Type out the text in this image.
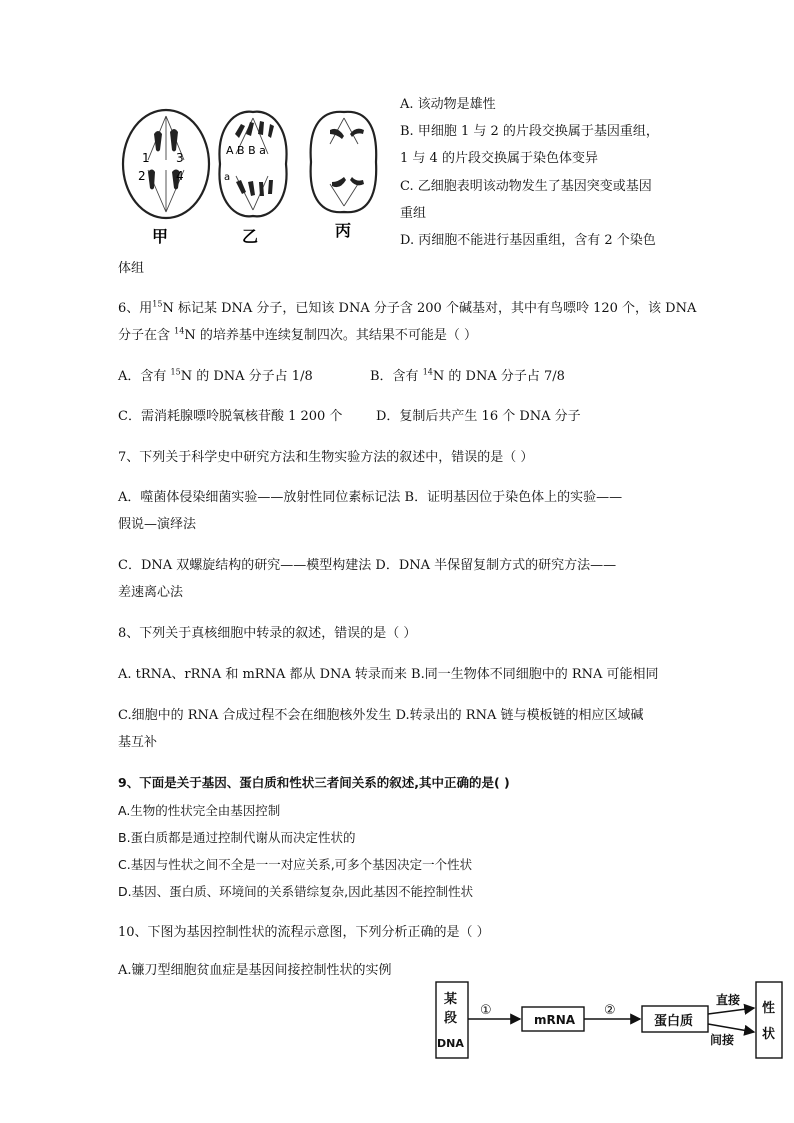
1 3
2	4
A B B a
a
甲	乙	丙
A. 该动物是雄性
B. 甲细胞 1 与 2 的片段交换属于基因重组，
1 与 4 的片段交换属于染色体变异
C. 乙细胞表明该动物发生了基因突变或基因
重组
D. 丙细胞不能进行基因重组，含有 2 个染色
体组
6、用$^{15}$N 标记某 DNA 分子，已知该 DNA 分子含 200 个碱基对，其中有鸟嘌呤 120 个，该 DNA
分子在含 $^{14}$N 的培养基中连续复制四次。其结果不可能是（ ）
A．含有 $^{15}$N 的 DNA 分子占 1/8	B．含有 $^{14}$N 的 DNA 分子占 7/8
C．需消耗腺嘌呤脱氧核苷酸 1 200 个	D．复制后共产生 16 个 DNA 分子
7、下列关于科学史中研究方法和生物实验方法的叙述中，错误的是（ ）
A．噬菌体侵染细菌实验——放射性同位素标记法 B．证明基因位于染色体上的实验——
假说—演绎法
C．DNA 双螺旋结构的研究——模型构建法 D．DNA 半保留复制方式的研究方法——
差速离心法
8、下列关于真核细胞中转录的叙述，错误的是（ ）
A. tRNA、rRNA 和 mRNA 都从 DNA 转录而来 B.同一生物体不同细胞中的 RNA 可能相同
C.细胞中的 RNA 合成过程不会在细胞核外发生 D.转录出的 RNA 链与模板链的相应区域碱
基互补
9、下面是关于基因、蛋白质和性状三者间关系的叙述,其中正确的是( )
A.生物的性状完全由基因控制
B.蛋白质都是通过控制代谢从而决定性状的
C.基因与性状之间不全是一一对应关系,可多个基因决定一个性状
D.基因、蛋白质、环境间的关系错综复杂,因此基因不能控制性状
10、下图为基因控制性状的流程示意图，下列分析正确的是（ ）
A.镰刀型细胞贫血症是基因间接控制性状的实例
某
段
DNA
①
mRNA
②
蛋白质
直接
间接
性
状
